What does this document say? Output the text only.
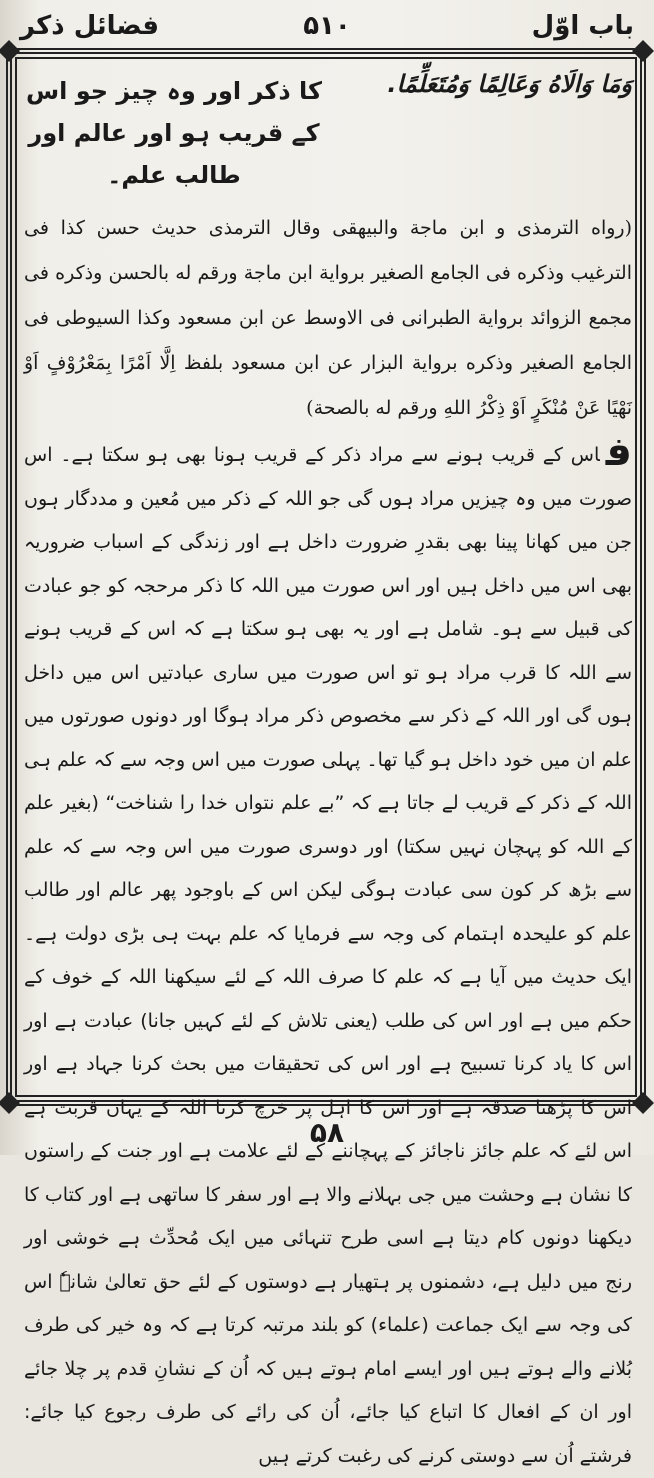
باب اوّل
۵۱۰
فضائل ذکر
وَمَا وَالَاهُ وَعَالِمًا وَمُتَعَلِّمًا.
کا ذکر اور وہ چیز جو اس کے قریب ہو اور عالم اور طالب علم۔
(رواه الترمذى و ابن ماجة والبيهقى وقال الترمذى حديث حسن كذا فى الترغيب وذكره فى الجامع الصغير برواية ابن ماجة ورقم له بالحسن وذكره فى مجمع الزوائد برواية الطبرانى فى الاوسط عن ابن مسعود وكذا السيوطى فى الجامع الصغير وذكره برواية البزار عن ابن مسعود بلفظ اِلَّا اَمْرًا بِمَعْرُوْفٍ اَوْ نَهْيًا عَنْ مُنْكَرٍ اَوْ ذِكْرُ اللهِ ورقم له بالصحة)
فاس کے قریب ہونے سے مراد ذکر کے قریب ہونا بھی ہو سکتا ہے۔ اس صورت میں وہ چیزیں مراد ہوں گی جو اللہ کے ذکر میں مُعین و مددگار ہوں جن میں کھانا پینا بھی بقدرِ ضرورت داخل ہے اور زندگی کے اسباب ضروریہ بھی اس میں داخل ہیں اور اس صورت میں اللہ کا ذکر مرحجہ کو جو عبادت کی قبیل سے ہو۔ شامل ہے اور یہ بھی ہو سکتا ہے کہ اس کے قریب ہونے سے اللہ کا قرب مراد ہو تو اس صورت میں ساری عبادتیں اس میں داخل ہوں گی اور اللہ کے ذکر سے مخصوص ذکر مراد ہوگا اور دونوں صورتوں میں علم ان میں خود داخل ہو گیا تھا۔ پہلی صورت میں اس وجہ سے کہ علم ہی اللہ کے ذکر کے قریب لے جاتا ہے کہ ”بے علم نتواں خدا را شناخت“ (بغیر علم کے اللہ کو پہچان نہیں سکتا) اور دوسری صورت میں اس وجہ سے کہ علم سے بڑھ کر کون سی عبادت ہوگی لیکن اس کے باوجود پھر عالم اور طالب علم کو علیحدہ اہتمام کی وجہ سے فرمایا کہ علم بہت ہی بڑی دولت ہے۔ ایک حدیث میں آیا ہے کہ علم کا صرف اللہ کے لئے سیکھنا اللہ کے خوف کے حکم میں ہے اور اس کی طلب (یعنی تلاش کے لئے کہیں جانا) عبادت ہے اور اس کا یاد کرنا تسبیح ہے اور اس کی تحقیقات میں بحث کرنا جہاد ہے اور اس کا پڑھنا صدقہ ہے اور اس کا اہل پر خرچ کرنا اللہ کے یہاں قربت ہے اس لئے کہ علم جائز ناجائز کے پہچاننے کے لئے علامت ہے اور جنت کے راستوں کا نشان ہے وحشت میں جی بہلانے والا ہے اور سفر کا ساتھی ہے اور کتاب کا دیکھنا دونوں کام دیتا ہے اسی طرح تنہائی میں ایک مُحدِّث ہے خوشی اور رنج میں دلیل ہے، دشمنوں پر ہتھیار ہے دوستوں کے لئے حق تعالیٰ شانہٗ اس کی وجہ سے ایک جماعت (علماء) کو بلند مرتبہ کرتا ہے کہ وہ خیر کی طرف بُلانے والے ہوتے ہیں اور ایسے امام ہوتے ہیں کہ اُن کے نشانِ قدم پر چلا جائے اور ان کے افعال کا اتباع کیا جائے، اُن کی رائے کی طرف رجوع کیا جائے: فرشتے اُن سے دوستی کرنے کی رغبت کرتے ہیں
۵۸
